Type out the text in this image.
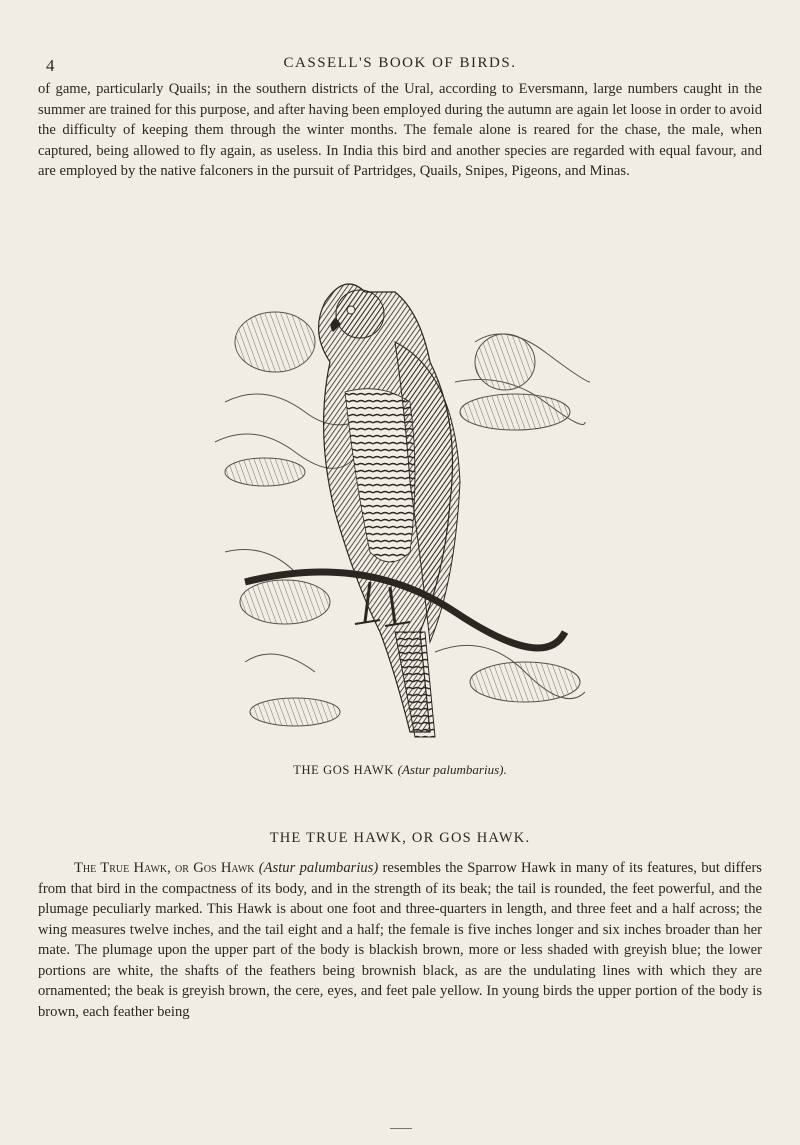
4	CASSELL'S BOOK OF BIRDS.

of game, particularly Quails; in the southern districts of the Ural, according to Eversmann, large numbers caught in the summer are trained for this purpose, and after having been employed during the autumn are again let loose in order to avoid the difficulty of keeping them through the winter months. The female alone is reared for the chase, the male, when captured, being allowed to fly again, as useless. In India this bird and another species are regarded with equal favour, and are employed by the native falconers in the pursuit of Partridges, Quails, Snipes, Pigeons, and Minas.

THE GOS HAWK (Astur palumbarius).
THE TRUE HAWK, OR GOS HAWK.

The True Hawk, or Gos Hawk (Astur palumbarius) resembles the Sparrow Hawk in many of its features, but differs from that bird in the compactness of its body, and in the strength of its beak; the tail is rounded, the feet powerful, and the plumage peculiarly marked. This Hawk is about one foot and three-quarters in length, and three feet and a half across; the wing measures twelve inches, and the tail eight and a half; the female is five inches longer and six inches broader than her mate. The plumage upon the upper part of the body is blackish brown, more or less shaded with greyish blue; the lower portions are white, the shafts of the feathers being brownish black, as are the undulating lines with which they are ornamented; the beak is greyish brown, the cere, eyes, and feet pale yellow. In young birds the upper portion of the body is brown, each feather being
